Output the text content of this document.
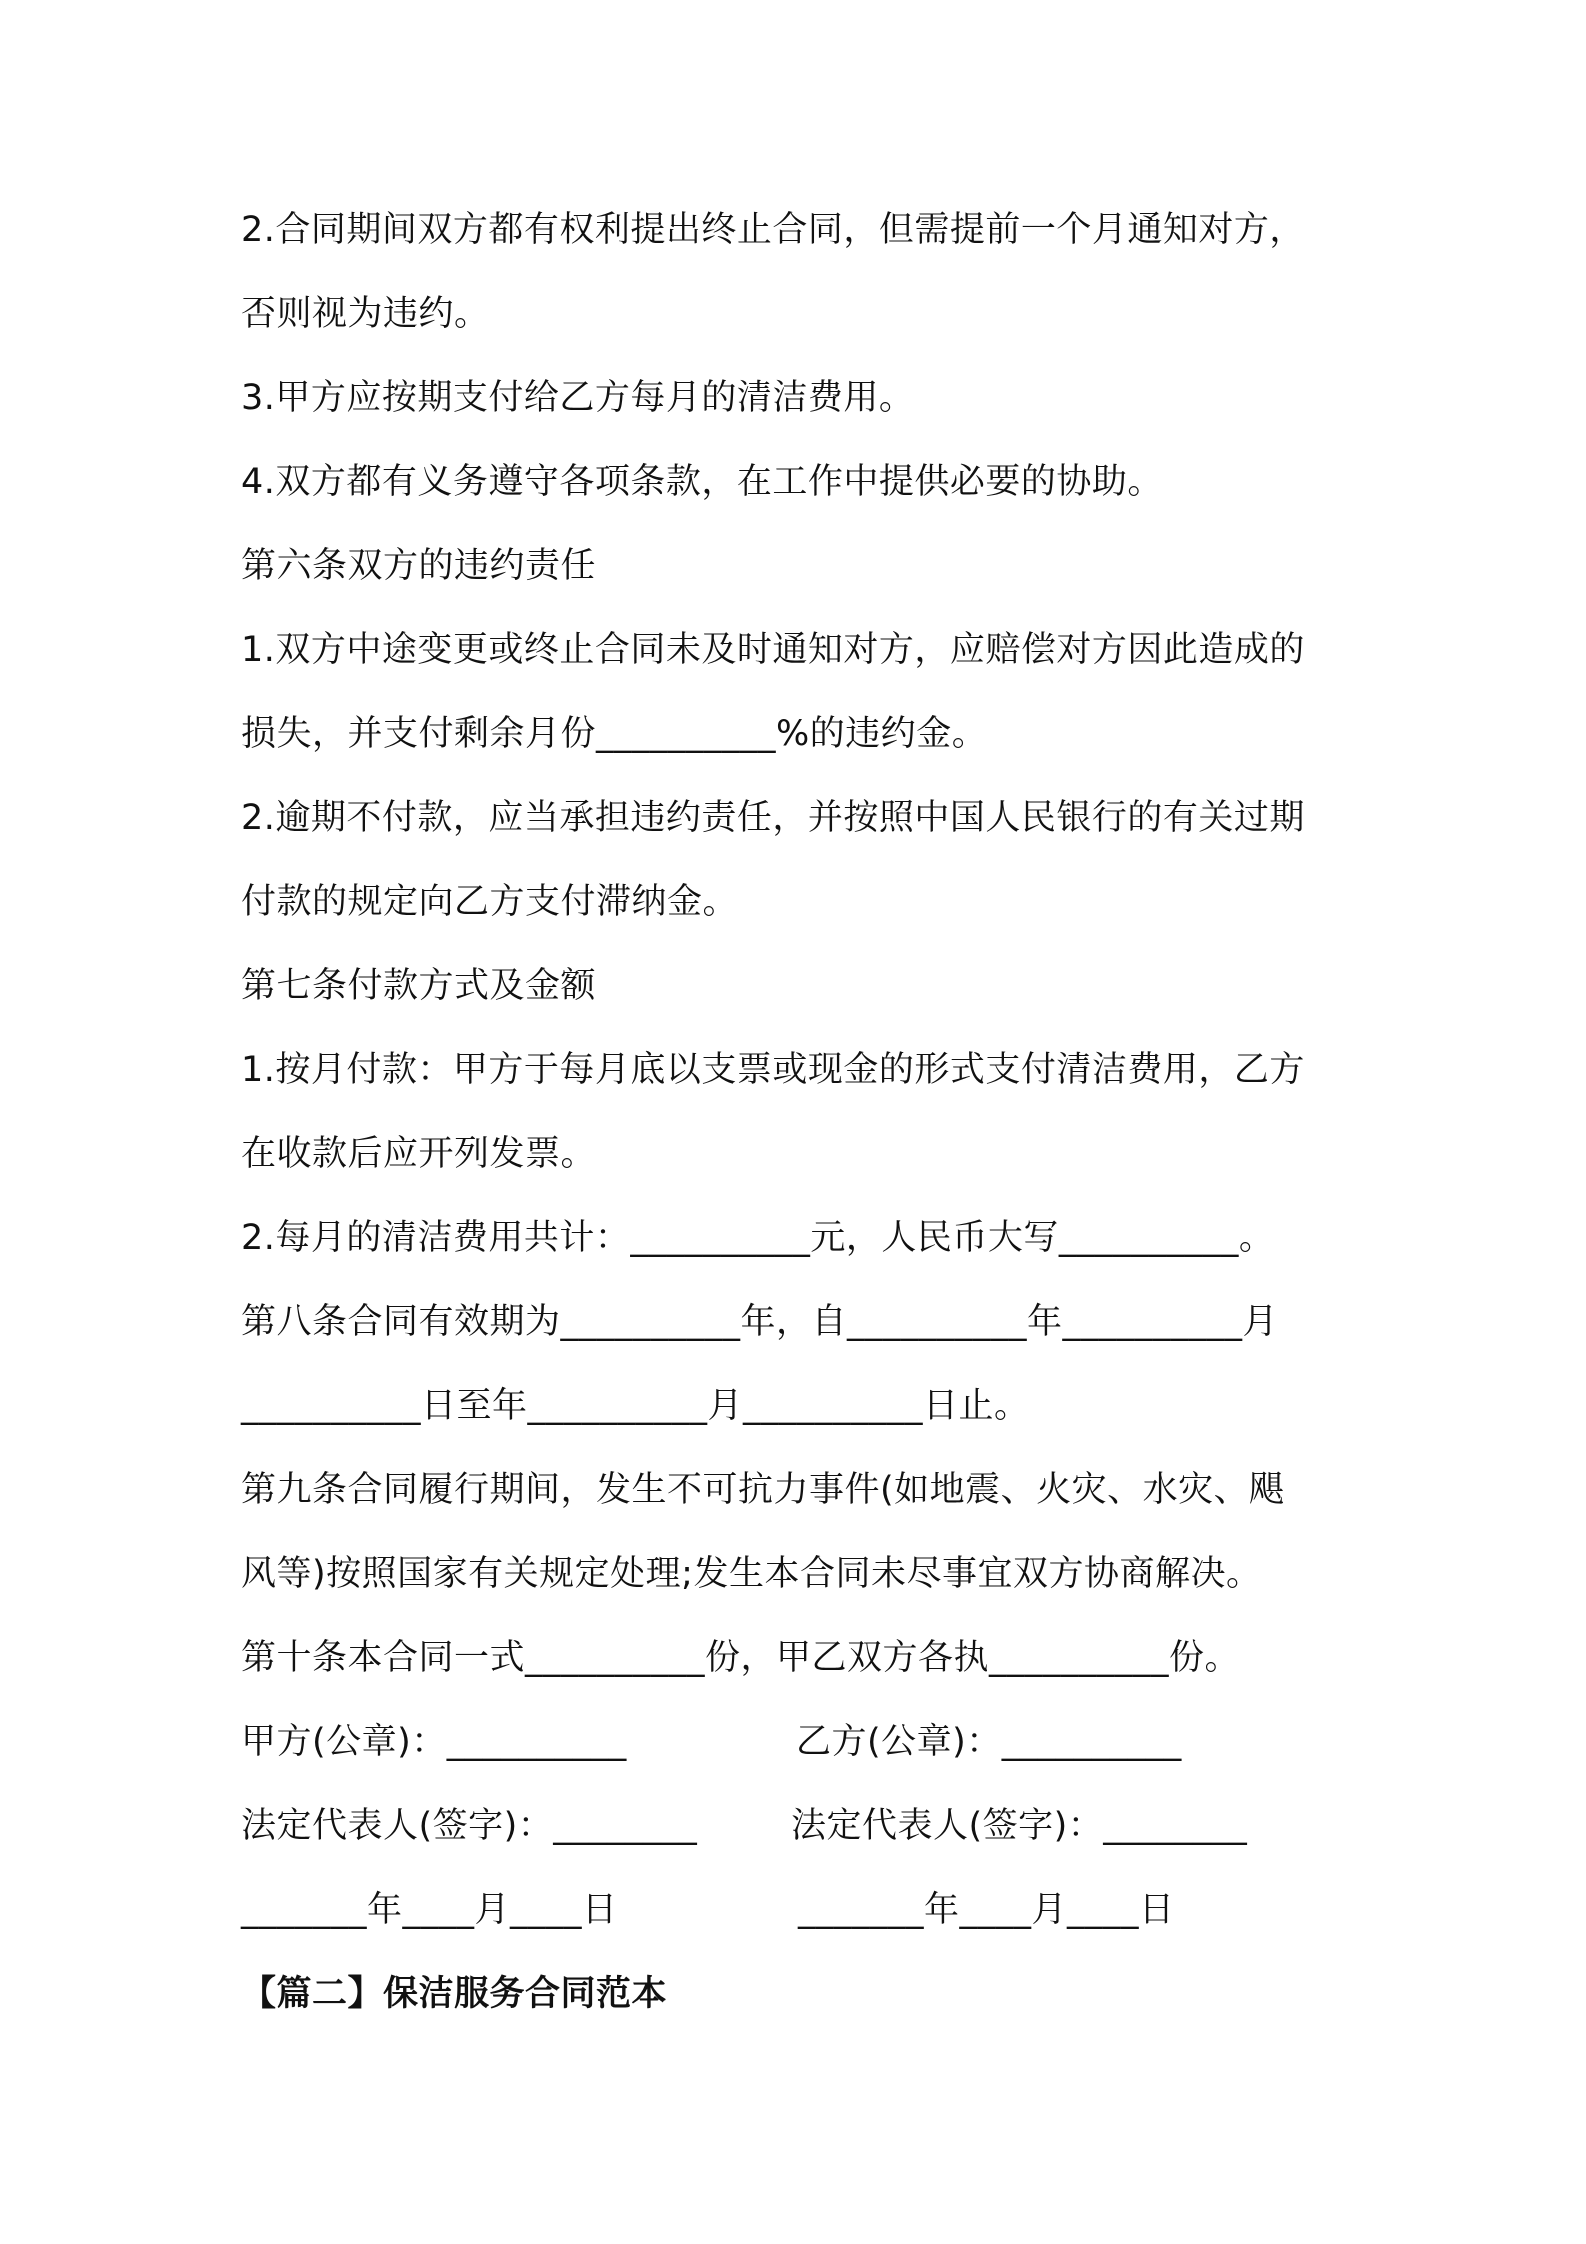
2.合同期间双方都有权利提出终止合同，但需提前一个月通知对方，
否则视为违约。
3.甲方应按期支付给乙方每月的清洁费用。
4.双方都有义务遵守各项条款，在工作中提供必要的协助。
第六条双方的违约责任
1.双方中途变更或终止合同未及时通知对方，应赔偿对方因此造成的
损失，并支付剩余月份__________%的违约金。
2.逾期不付款，应当承担违约责任，并按照中国人民银行的有关过期
付款的规定向乙方支付滞纳金。
第七条付款方式及金额
1.按月付款：甲方于每月底以支票或现金的形式支付清洁费用，乙方
在收款后应开列发票。
2.每月的清洁费用共计：__________元，人民币大写__________。
第八条合同有效期为__________年，自__________年__________月
__________日至年__________月__________日止。
第九条合同履行期间，发生不可抗力事件(如地震、火灾、水灾、飓
风等)按照国家有关规定处理;发生本合同未尽事宜双方协商解决。
第十条本合同一式__________份，甲乙双方各执__________份。
甲方(公章)：__________	乙方(公章)：__________
法定代表人(签字)：________	法定代表人(签字)：________
_______年____月____日	_______年____月____日
【篇二】保洁服务合同范本
